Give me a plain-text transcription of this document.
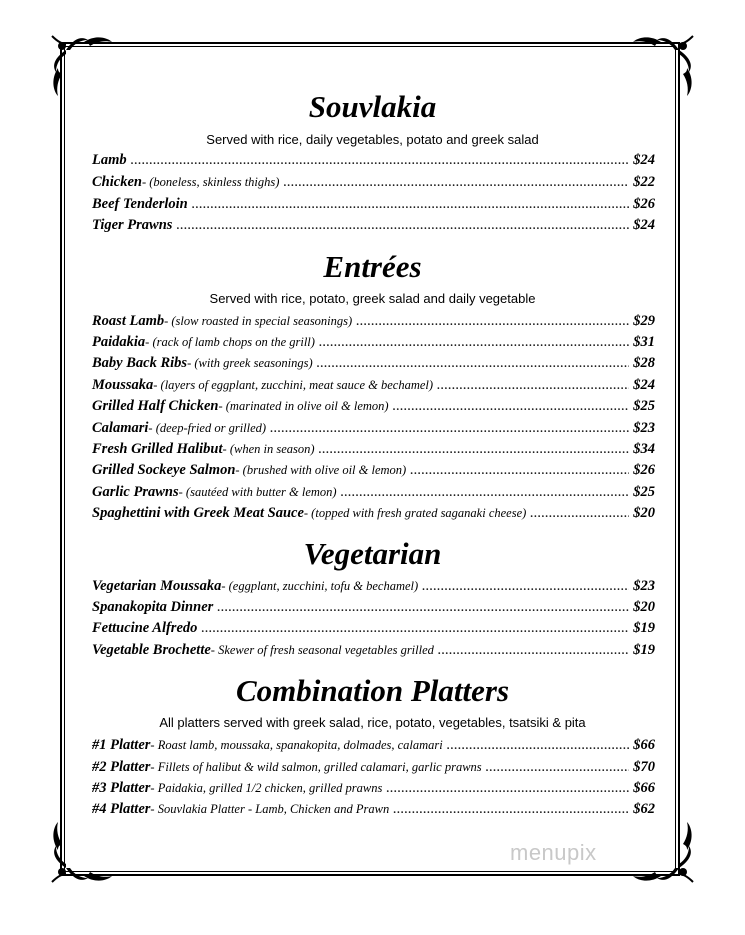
Souvlakia
Served with rice, daily vegetables, potato and greek salad
Lamb .....	$24
Chicken - (boneless, skinless thighs) .....	$22
Beef Tenderloin .....	$26
Tiger Prawns .....	$24
Entrées
Served with rice, potato, greek salad and daily vegetable
Roast Lamb - (slow roasted in special seasonings) .....	$29
Paidakia - (rack of lamb chops on the grill) .....	$31
Baby Back Ribs - (with greek seasonings) .....	$28
Moussaka - (layers of eggplant, zucchini, meat sauce & bechamel) .....	$24
Grilled Half Chicken - (marinated in olive oil & lemon) .....	$25
Calamari - (deep-fried or grilled) .....	$23
Fresh Grilled Halibut - (when in season) .....	$34
Grilled Sockeye Salmon - (brushed with olive oil & lemon) .....	$26
Garlic Prawns - (sautéed with butter & lemon) .....	$25
Spaghettini with Greek Meat Sauce - (topped with fresh grated saganaki cheese) .....	$20
Vegetarian
Vegetarian Moussaka - (eggplant, zucchini, tofu & bechamel) .....	$23
Spanakopita Dinner .....	$20
Fettucine Alfredo .....	$19
Vegetable Brochette - Skewer of fresh seasonal vegetables grilled .....	$19
Combination Platters
All platters served with greek salad, rice, potato, vegetables, tsatsiki & pita
#1 Platter - Roast lamb, moussaka, spanakopita, dolmades, calamari .....	$66
#2 Platter - Fillets of halibut & wild salmon, grilled calamari, garlic prawns .....	$70
#3 Platter - Paidakia, grilled 1/2 chicken, grilled prawns .....	$66
#4 Platter - Souvlakia Platter - Lamb, Chicken and Prawn .....	$62
menupix
